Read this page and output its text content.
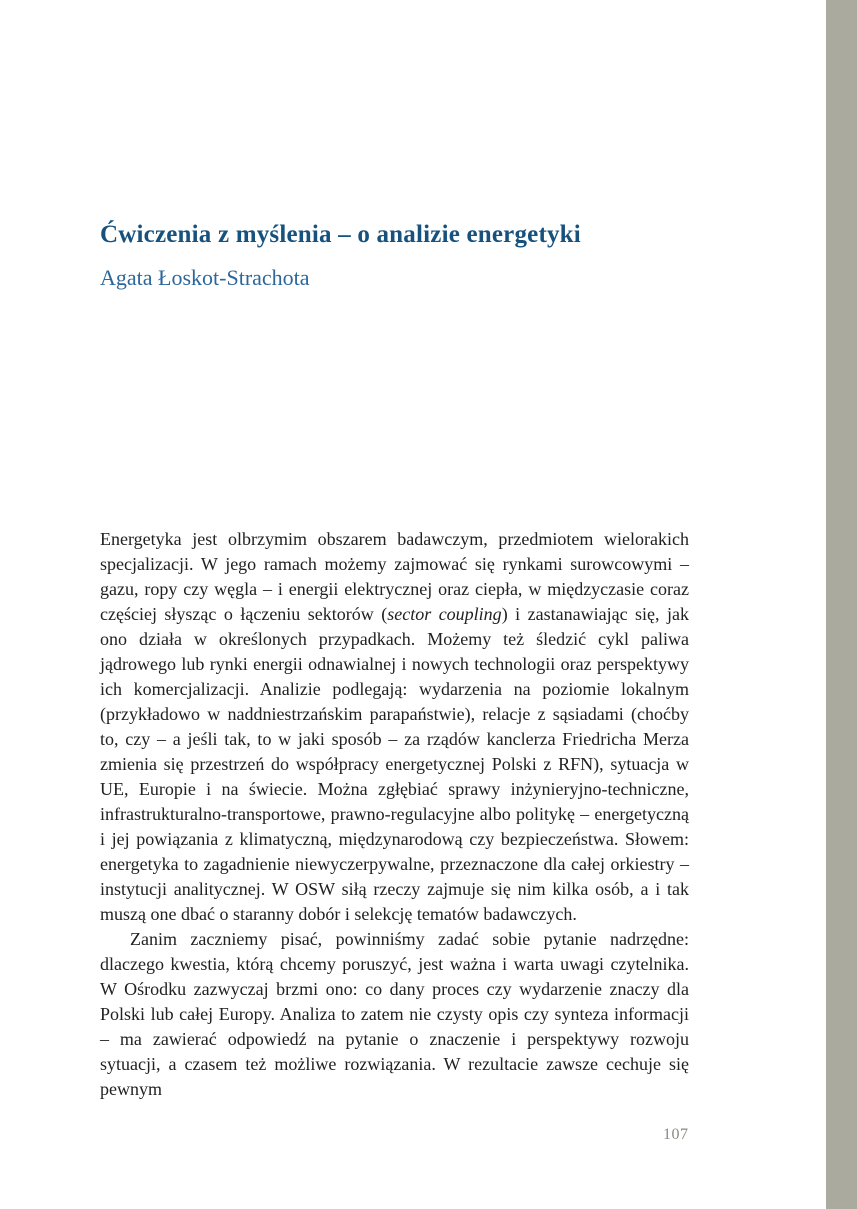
Ćwiczenia z myślenia – o analizie energetyki
Agata Łoskot-Strachota

Energetyka jest olbrzymim obszarem badawczym, przedmiotem wielorakich specjalizacji. W jego ramach możemy zajmować się rynkami surowcowymi – gazu, ropy czy węgla – i energii elektrycznej oraz ciepła, w międzyczasie coraz częściej słysząc o łączeniu sektorów (sector coupling) i zastanawiając się, jak ono działa w określonych przypadkach. Możemy też śledzić cykl paliwa jądrowego lub rynki energii odnawialnej i nowych technologii oraz perspektywy ich komercjalizacji. Analizie podlegają: wydarzenia na poziomie lokalnym (przykładowo w naddniestrzańskim parapaństwie), relacje z sąsiadami (choćby to, czy – a jeśli tak, to w jaki sposób – za rządów kanclerza Friedricha Merza zmienia się przestrzeń do współpracy energetycznej Polski z RFN), sytuacja w UE, Europie i na świecie. Można zgłębiać sprawy inżynieryjno-techniczne, infrastrukturalno-transportowe, prawno-regulacyjne albo politykę – energetyczną i jej powiązania z klimatyczną, międzynarodową czy bezpieczeństwa. Słowem: energetyka to zagadnienie niewyczerpywalne, przeznaczone dla całej orkiestry – instytucji analitycznej. W OSW siłą rzeczy zajmuje się nim kilka osób, a i tak muszą one dbać o staranny dobór i selekcję tematów badawczych.

Zanim zaczniemy pisać, powinniśmy zadać sobie pytanie nadrzędne: dlaczego kwestia, którą chcemy poruszyć, jest ważna i warta uwagi czytelnika. W Ośrodku zazwyczaj brzmi ono: co dany proces czy wydarzenie znaczy dla Polski lub całej Europy. Analiza to zatem nie czysty opis czy synteza informacji – ma zawierać odpowiedź na pytanie o znaczenie i perspektywy rozwoju sytuacji, a czasem też możliwe rozwiązania. W rezultacie zawsze cechuje się pewnym

107
